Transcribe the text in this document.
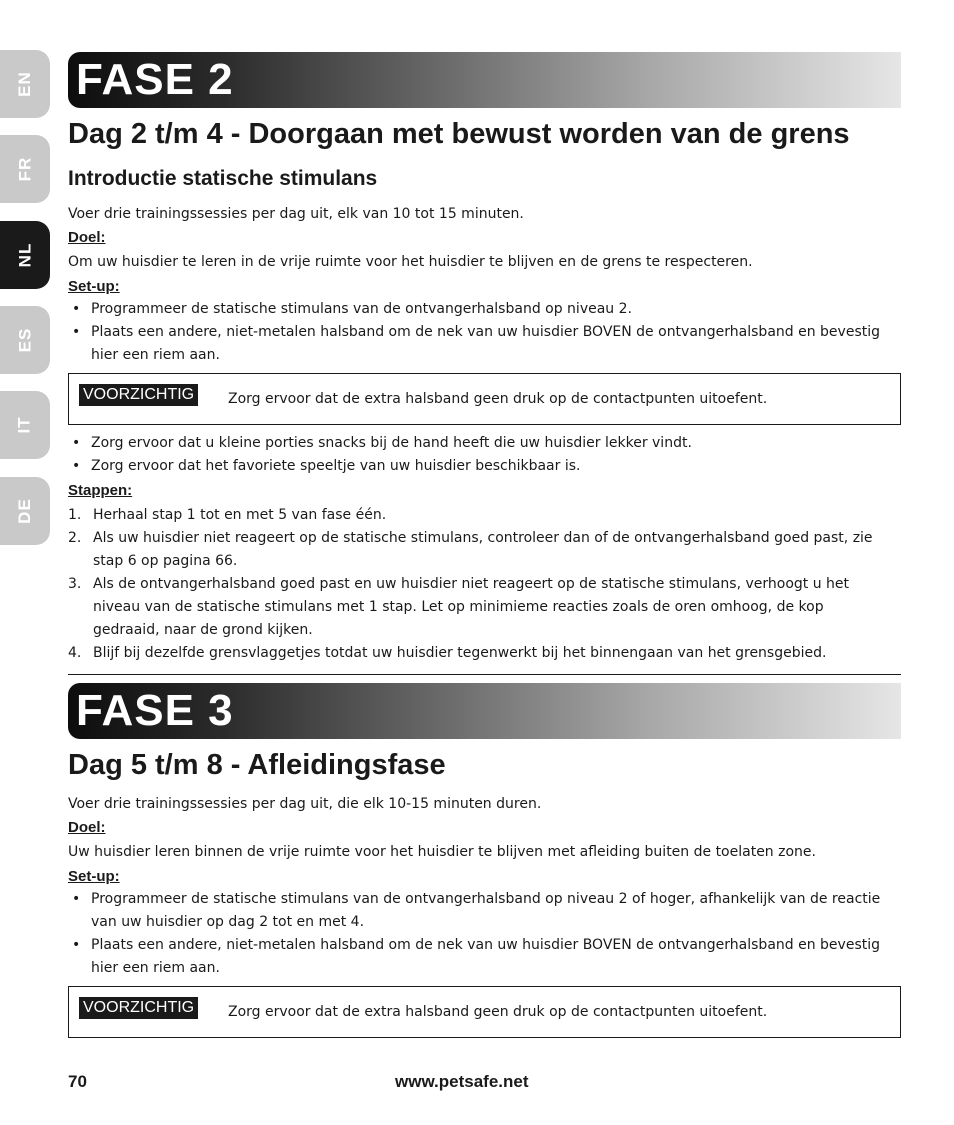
EN
FR
NL
ES
IT
DE
FASE 2
Dag 2 t/m 4 - Doorgaan met bewust worden van de grens
Introductie statische stimulans
Voer drie trainingssessies per dag uit, elk van 10 tot 15 minuten.
Doel:
Om uw huisdier te leren in de vrije ruimte voor het huisdier te blijven en de grens te respecteren.
Set-up:
• Programmeer de statische stimulans van de ontvangerhalsband op niveau 2.
• Plaats een andere, niet-metalen halsband om de nek van uw huisdier BOVEN de ontvangerhalsband en bevestig hier een riem aan.
VOORZICHTIG Zorg ervoor dat de extra halsband geen druk op de contactpunten uitoefent.
• Zorg ervoor dat u kleine porties snacks bij de hand heeft die uw huisdier lekker vindt.
• Zorg ervoor dat het favoriete speeltje van uw huisdier beschikbaar is.
Stappen:
1. Herhaal stap 1 tot en met 5 van fase één.
2. Als uw huisdier niet reageert op de statische stimulans, controleer dan of de ontvangerhalsband goed past, zie stap 6 op pagina 66.
3. Als de ontvangerhalsband goed past en uw huisdier niet reageert op de statische stimulans, verhoogt u het niveau van de statische stimulans met 1 stap. Let op minimieme reacties zoals de oren omhoog, de kop gedraaid, naar de grond kijken.
4. Blijf bij dezelfde grensvlaggetjes totdat uw huisdier tegenwerkt bij het binnengaan van het grensgebied.
FASE 3
Dag 5 t/m 8 - Afleidingsfase
Voer drie trainingssessies per dag uit, die elk 10-15 minuten duren.
Doel:
Uw huisdier leren binnen de vrije ruimte voor het huisdier te blijven met afleiding buiten de toelaten zone.
Set-up:
• Programmeer de statische stimulans van de ontvangerhalsband op niveau 2 of hoger, afhankelijk van de reactie van uw huisdier op dag 2 tot en met 4.
• Plaats een andere, niet-metalen halsband om de nek van uw huisdier BOVEN de ontvangerhalsband en bevestig hier een riem aan.
VOORZICHTIG Zorg ervoor dat de extra halsband geen druk op de contactpunten uitoefent.
70	www.petsafe.net
